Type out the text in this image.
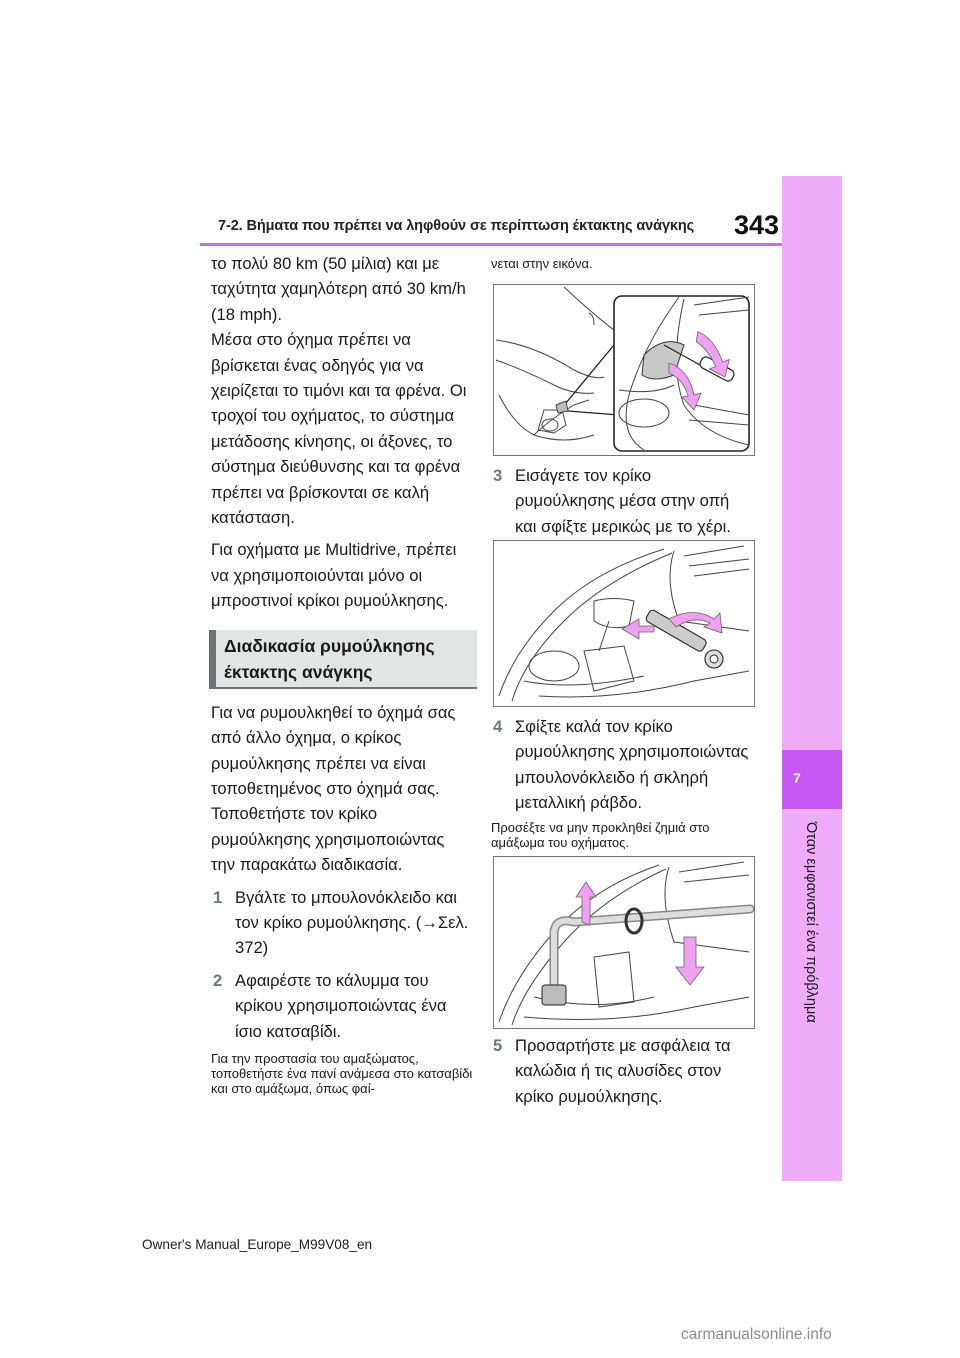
7-2. Βήματα που πρέπει να ληφθούν σε περίπτωση έκτακτης ανάγκης 343
7
Όταν εμφανιστεί ένα πρόβλημα

το πολύ 80 km (50 μίλια) και με ταχύτητα χαμηλότερη από 30 km/h (18 mph).

Μέσα στο όχημα πρέπει να βρίσκεται ένας οδηγός για να χειρίζεται το τιμόνι και τα φρένα. Οι τροχοί του οχήματος, το σύστημα μετάδοσης κίνησης, οι άξονες, το σύστημα διεύθυνσης και τα φρένα πρέπει να βρίσκονται σε καλή κατάσταση.

Για οχήματα με Multidrive, πρέπει να χρησιμοποιούνται μόνο οι μπροστινοί κρίκοι ρυμούλκησης.

Διαδικασία ρυμούλκησης έκτακτης ανάγκης

Για να ρυμουλκηθεί το όχημά σας από άλλο όχημα, ο κρίκος ρυμούλκησης πρέπει να είναι τοποθετημένος στο όχημά σας. Τοποθετήστε τον κρίκο ρυμούλκησης χρησιμοποιώντας την παρακάτω διαδικασία.

1 Βγάλτε το μπουλονόκλειδο και τον κρίκο ρυμούλκησης. (→Σελ. 372)
2 Αφαιρέστε το κάλυμμα του κρίκου χρησιμοποιώντας ένα ίσιο κατσαβίδι.

Για την προστασία του αμαξώματος, τοποθετήστε ένα πανί ανάμεσα στο κατσαβίδι και στο αμάξωμα, όπως φαί-

νεται στην εικόνα.

3 Εισάγετε τον κρίκο ρυμούλκησης μέσα στην οπή και σφίξτε μερικώς με το χέρι.
4 Σφίξτε καλά τον κρίκο ρυμούλκησης χρησιμοποιώντας μπουλονόκλειδο ή σκληρή μεταλλική ράβδο.

Προσέξτε να μην προκληθεί ζημιά στο αμάξωμα του οχήματος.

5 Προσαρτήστε με ασφάλεια τα καλώδια ή τις αλυσίδες στον κρίκο ρυμούλκησης.
Owner's Manual_Europe_M99V08_en
carmanualsonline.info
